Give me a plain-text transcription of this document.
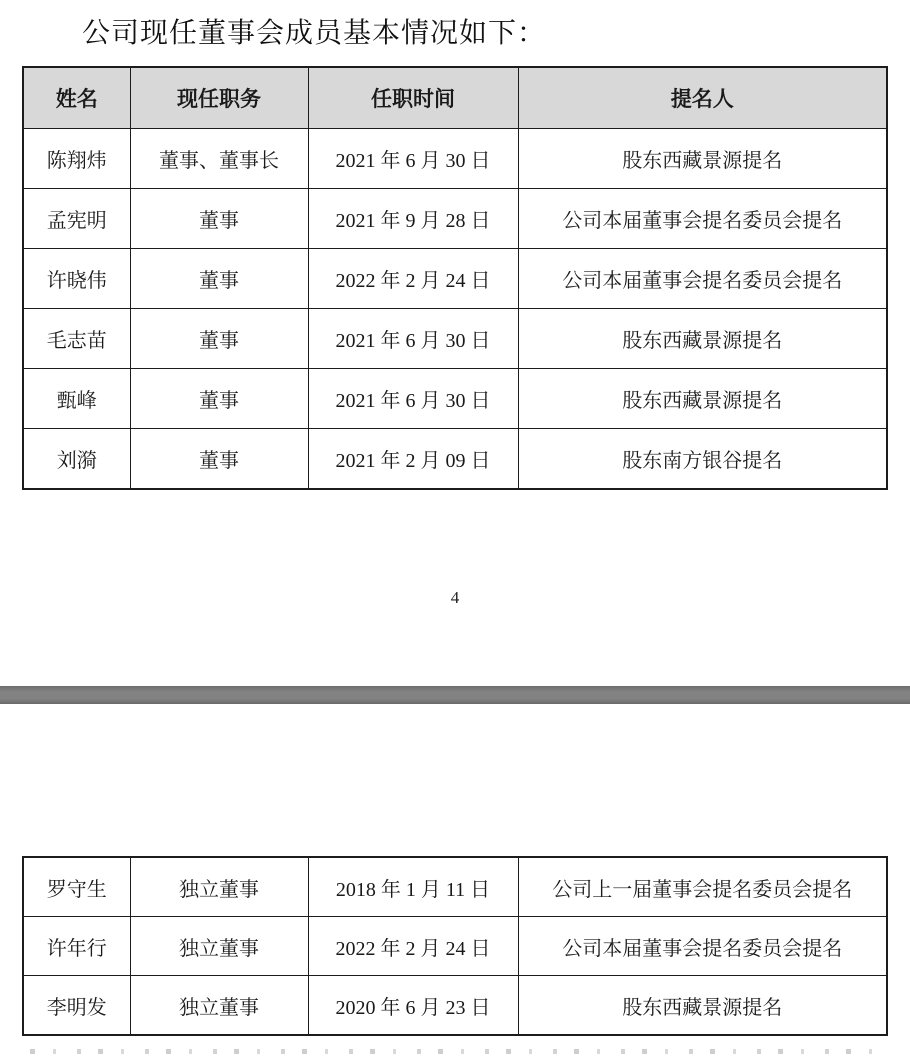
公司现任董事会成员基本情况如下：
姓名	现任职务	任职时间	提名人
陈翔炜	董事、董事长	2021 年 6 月 30 日	股东西藏景源提名
孟宪明	董事	2021 年 9 月 28 日	公司本届董事会提名委员会提名
许晓伟	董事	2022 年 2 月 24 日	公司本届董事会提名委员会提名
毛志苗	董事	2021 年 6 月 30 日	股东西藏景源提名
甄峰	董事	2021 年 6 月 30 日	股东西藏景源提名
刘漪	董事	2021 年 2 月 09 日	股东南方银谷提名
4
罗守生	独立董事	2018 年 1 月 11 日	公司上一届董事会提名委员会提名
许年行	独立董事	2022 年 2 月 24 日	公司本届董事会提名委员会提名
李明发	独立董事	2020 年 6 月 23 日	股东西藏景源提名
